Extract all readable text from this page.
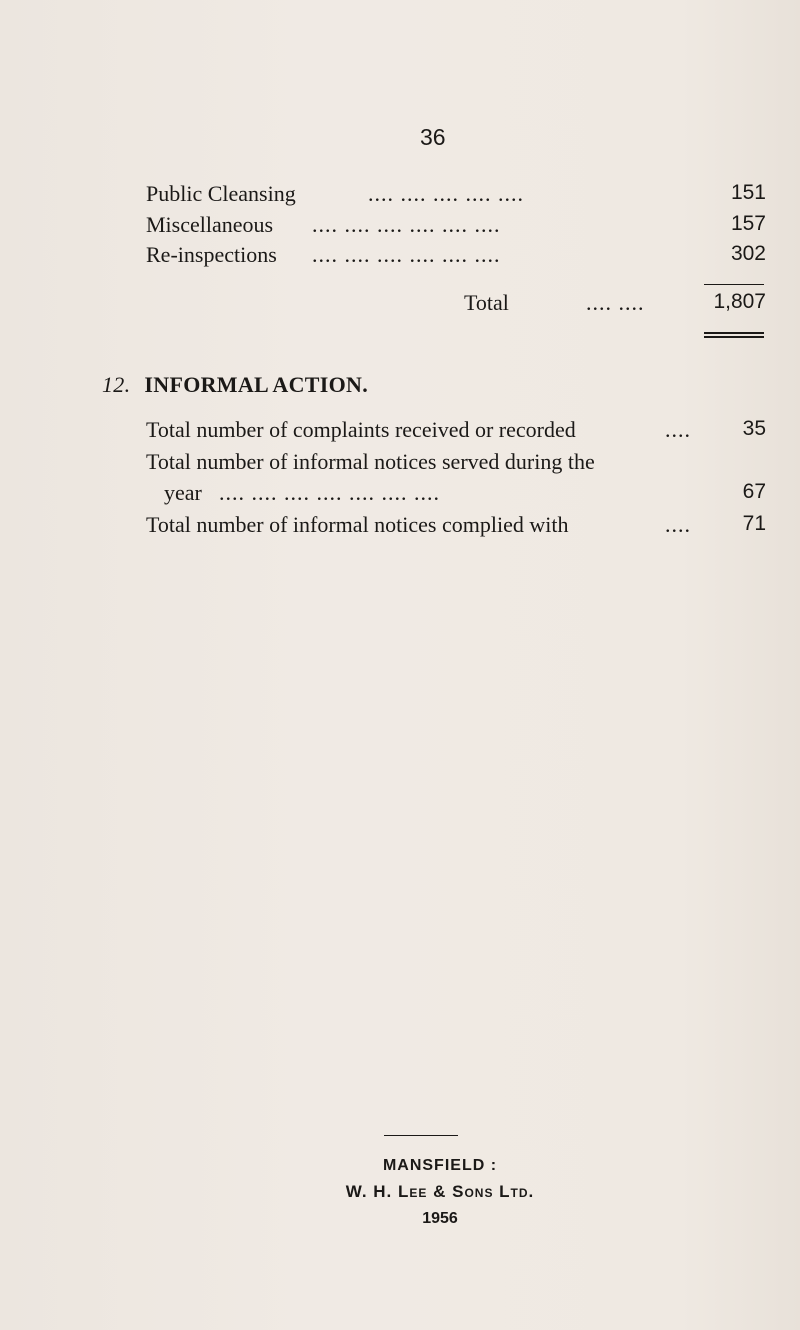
36
Public Cleansing	.... .... .... .... ....	151
Miscellaneous .... .... .... .... .... ....	157
Re-inspections .... .... .... .... .... ....	302
Total	.... ....	1,807
12. INFORMAL ACTION.
Total number of complaints received or recorded	.... 35
Total number of informal notices served during the
year .... .... .... .... .... .... ....	67
Total number of informal notices complied with	.... 71
MANSFIELD :
W. H. Lee & Sons Ltd.
1956
